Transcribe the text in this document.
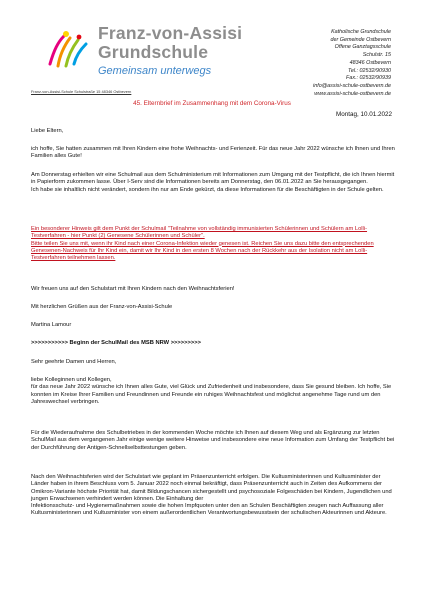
Franz-von-Assisi
Grundschule
Gemeinsam unterwegs
Katholische Grundschule
der Gemeinde Ostbevern
Offene Ganztagsschule
Schulstr. 15
48346 Ostbevern
Tel.: 02532/90930
Fax.: 02532/90939
info@assisi-schule-ostbevern.de
www.assisi-schule-ostbevern.de
Franz-von-Assisi-Schule Schulstraße 15 48346 Ostbevern
45. Elternbrief im Zusammenhang mit dem Corona-Virus
Montag, 10.01.2022

Liebe Eltern,

ich hoffe, Sie hatten zusammen mit Ihren Kindern eine frohe Weihnachts- und Ferienzeit. Für das neue Jahr 2022 wünsche ich Ihnen und Ihren Familien alles Gute!

Am Donnerstag erhielten wir eine Schulmail aus dem Schulministerium mit Informationen zum Umgang mit der Testpflicht, die ich Ihnen hiermit in Papierform zukommen lasse. Über I-Serv sind die Informationen bereits am Donnerstag, den 06.01.2022 an Sie herausgegangen.

Ich habe sie inhaltlich nicht verändert, sondern ihn nur am Ende gekürzt, da diese Informationen für die Beschäftigten in der Schule gelten.

Ein besonderer Hinweis gilt dem Punkt der Schulmail "Teilnahme von vollständig immunisierten Schülerinnen und Schülern am Lolli-Testverfahren - hier Punkt (2) Genesene Schülerinnen und Schüler".

Bitte teilen Sie uns mit, wenn ihr Kind nach einer Corona-Infektion wieder genesen ist. Reichen Sie uns dazu bitte den entsprechenden Genesenen-Nachweis für Ihr Kind ein, damit wir Ihr Kind in den ersten 8 Wochen nach der Rückkehr aus der Isolation nicht am Lolli-Testverfahren teilnehmen lassen.

Wir freuen uns auf den Schulstart mit Ihren Kindern nach den Weihnachtsferien!

Mit herzlichen Grüßen aus der Franz-von-Assisi-Schule

Martina Lamour

>>>>>>>>>>> Beginn der SchulMail des MSB NRW >>>>>>>>>

Sehr geehrte Damen und Herren,

liebe Kolleginnen und Kollegen,

für das neue Jahr 2022 wünsche ich Ihnen alles Gute, viel Glück und Zufriedenheit und insbesondere, dass Sie gesund bleiben. Ich hoffe, Sie konnten im Kreise Ihrer Familien und Freundinnen und Freunde ein ruhiges Weihnachtsfest und möglichst angenehme Tage rund um den Jahreswechsel verbringen.

Für die Wiederaufnahme des Schulbetriebes in der kommenden Woche möchte ich Ihnen auf diesem Weg und als Ergänzung zur letzten SchulMail aus dem vergangenen Jahr einige wenige weitere Hinweise und insbesondere eine neue Information zum Umfang der Testpflicht bei der Durchführung der Antigen-Schnellselbsttestungen geben.

Nach den Weihnachtsferien wird der Schulstart wie geplant im Präsenzunterricht erfolgen. Die Kultusministerinnen und Kultusminister der Länder haben in ihrem Beschluss vom 5. Januar 2022 noch einmal bekräftigt, dass Präsenzunterricht auch in Zeiten des Aufkommens der Omikron-Variante höchste Priorität hat, damit Bildungschancen sichergestellt und psychosoziale Folgeschäden bei Kindern, Jugendlichen und jungen Erwachsenen verhindert werden können. Die Einhaltung der

Infektionsschutz- und Hygienemaßnahmen sowie die hohen Impfquoten unter den an Schulen Beschäftigten zeugen nach Auffassung aller Kultusministerinnen und Kultusminister von einem außerordentlichen Verantwortungsbewusstsein der schulischen Akteurinnen und Akteure.
